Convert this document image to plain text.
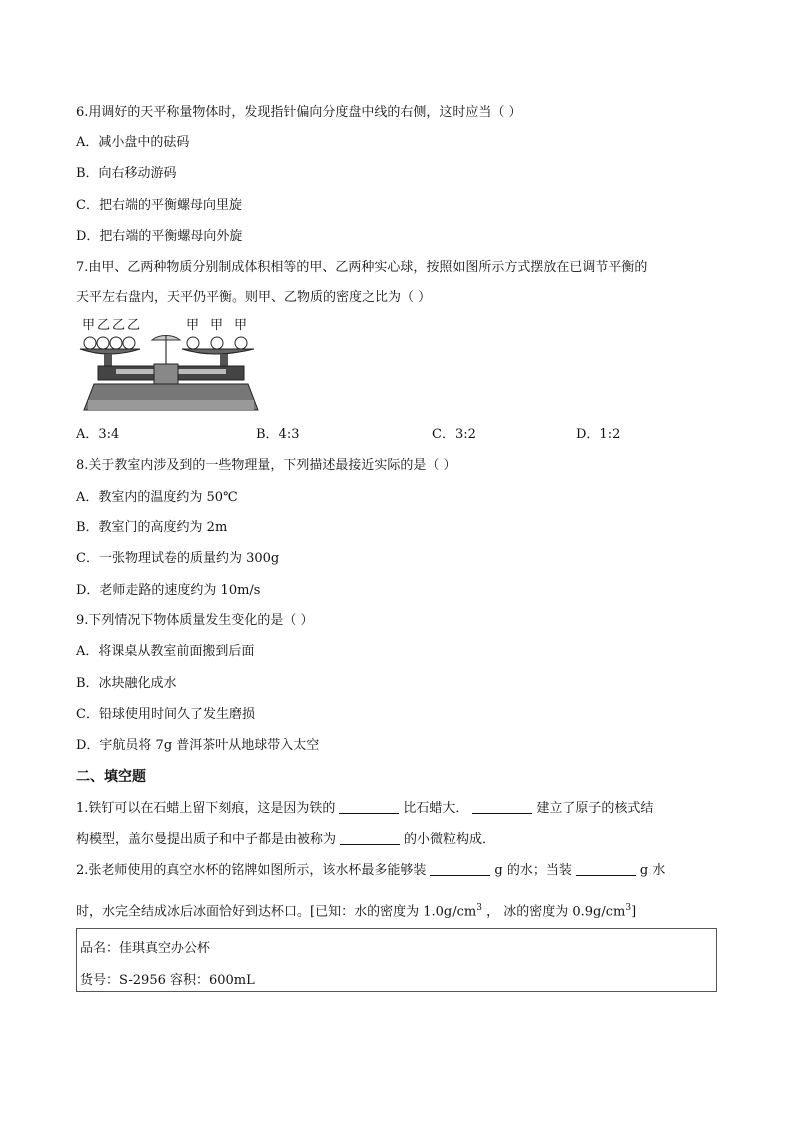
6.用调好的天平称量物体时，发现指针偏向分度盘中线的右侧，这时应当（ ）
A．减小盘中的砝码
B．向右移动游码
C．把右端的平衡螺母向里旋
D．把右端的平衡螺母向外旋
7.由甲、乙两种物质分别制成体积相等的甲、乙两种实心球，按照如图所示方式摆放在已调节平衡的
天平左右盘内，天平仍平衡。则甲、乙物质的密度之比为（ ）
甲 乙 乙 乙	甲 甲 甲
A．3:4	B．4:3	C．3:2	D．1:2
8.关于教室内涉及到的一些物理量，下列描述最接近实际的是（ ）
A．教室内的温度约为 50℃
B．教室门的高度约为 2m
C．一张物理试卷的质量约为 300g
D．老师走路的速度约为 10m/s
9.下列情况下物体质量发生变化的是（ ）
A．将课桌从教室前面搬到后面
B．冰块融化成水
C．铅球使用时间久了发生磨损
D．宇航员将 7g 普洱茶叶从地球带入太空
二、填空题
1.铁钉可以在石蜡上留下刻痕，这是因为铁的	比石蜡大．	建立了原子的核式结
构模型，盖尔曼提出质子和中子都是由被称为	的小微粒构成．
2.张老师使用的真空水杯的铭牌如图所示，该水杯最多能够装	g 的水；当装	g 水
时，水完全结成冰后冰面恰好到达杯口。[已知：水的密度为 $1.0g/cm^3$ ， 冰的密度为 $0.9g/cm^3$]
品名：佳琪真空办公杯
货号：S-2956 容积：600mL
